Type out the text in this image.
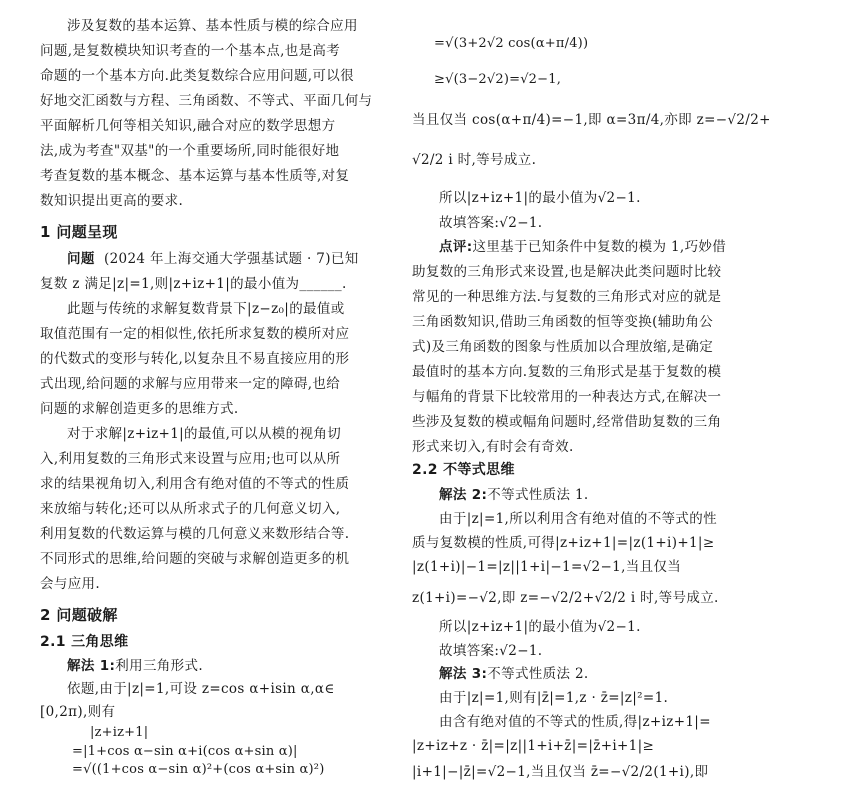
涉及复数的基本运算、基本性质与模的综合应用
问题,是复数模块知识考查的一个基本点,也是高考
命题的一个基本方向.此类复数综合应用问题,可以很
好地交汇函数与方程、三角函数、不等式、平面几何与
平面解析几何等相关知识,融合对应的数学思想方
法,成为考查"双基"的一个重要场所,同时能很好地
考查复数的基本概念、基本运算与基本性质等,对复
数知识提出更高的要求.
1 问题呈现
问题 (2024 年上海交通大学强基试题 · 7)已知
复数 z 满足|z|=1,则|z+iz+1|的最小值为______.
此题与传统的求解复数背景下|z−z₀|的最值或
取值范围有一定的相似性,依托所求复数的模所对应
的代数式的变形与转化,以复杂且不易直接应用的形
式出现,给问题的求解与应用带来一定的障碍,也给
问题的求解创造更多的思维方式.
对于求解|z+iz+1|的最值,可以从模的视角切
入,利用复数的三角形式来设置与应用;也可以从所
求的结果视角切入,利用含有绝对值的不等式的性质
来放缩与转化;还可以从所求式子的几何意义切入,
利用复数的代数运算与模的几何意义来数形结合等.
不同形式的思维,给问题的突破与求解创造更多的机
会与应用.
2 问题破解
2.1 三角思维
解法 1:利用三角形式.
依题,由于|z|=1,可设 z=cos α+isin α,α∈
[0,2π),则有
|z+iz+1|
=|1+cos α−sin α+i(cos α+sin α)|
=√((1+cos α−sin α)²+(cos α+sin α)²)
=√(3+2√2 cos(α+π/4))
≥√(3−2√2)=√2−1,
当且仅当 cos(α+π/4)=−1,即 α=3π/4,亦即 z=−√2/2+
√2/2 i 时,等号成立.
所以|z+iz+1|的最小值为√2−1.
故填答案:√2−1.
点评:这里基于已知条件中复数的模为 1,巧妙借
助复数的三角形式来设置,也是解决此类问题时比较
常见的一种思维方法.与复数的三角形式对应的就是
三角函数知识,借助三角函数的恒等变换(辅助角公
式)及三角函数的图象与性质加以合理放缩,是确定
最值时的基本方向.复数的三角形式是基于复数的模
与幅角的背景下比较常用的一种表达方式,在解决一
些涉及复数的模或幅角问题时,经常借助复数的三角
形式来切入,有时会有奇效.
2.2 不等式思维
解法 2:不等式性质法 1.
由于|z|=1,所以利用含有绝对值的不等式的性
质与复数模的性质,可得|z+iz+1|=|z(1+i)+1|≥
|z(1+i)|−1=|z||1+i|−1=√2−1,当且仅当
z(1+i)=−√2,即 z=−√2/2+√2/2 i 时,等号成立.
所以|z+iz+1|的最小值为√2−1.
故填答案:√2−1.
解法 3:不等式性质法 2.
由于|z|=1,则有|z̄|=1,z · z̄=|z|²=1.
由含有绝对值的不等式的性质,得|z+iz+1|=
|z+iz+z · z̄|=|z||1+i+z̄|=|z̄+i+1|≥
|i+1|−|z̄|=√2−1,当且仅当 z̄=−√2/2(1+i),即
